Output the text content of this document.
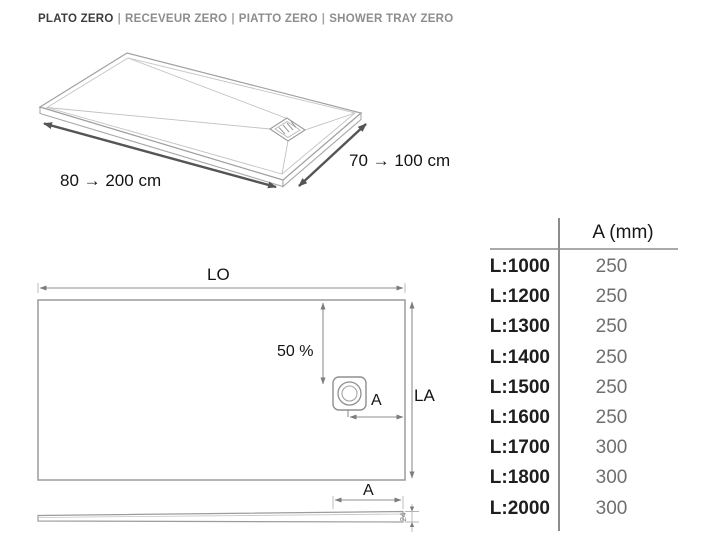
PLATO ZERO | RECEVEUR ZERO | PIATTO ZERO | SHOWER TRAY ZERO
80 → 200 cm
70 → 100 cm
LO
LA
50 %
A
A
24
A (mm)
L:1000	250
L:1200	250
L:1300	250
L:1400	250
L:1500	250
L:1600	250
L:1700	300
L:1800	300
L:2000	300
